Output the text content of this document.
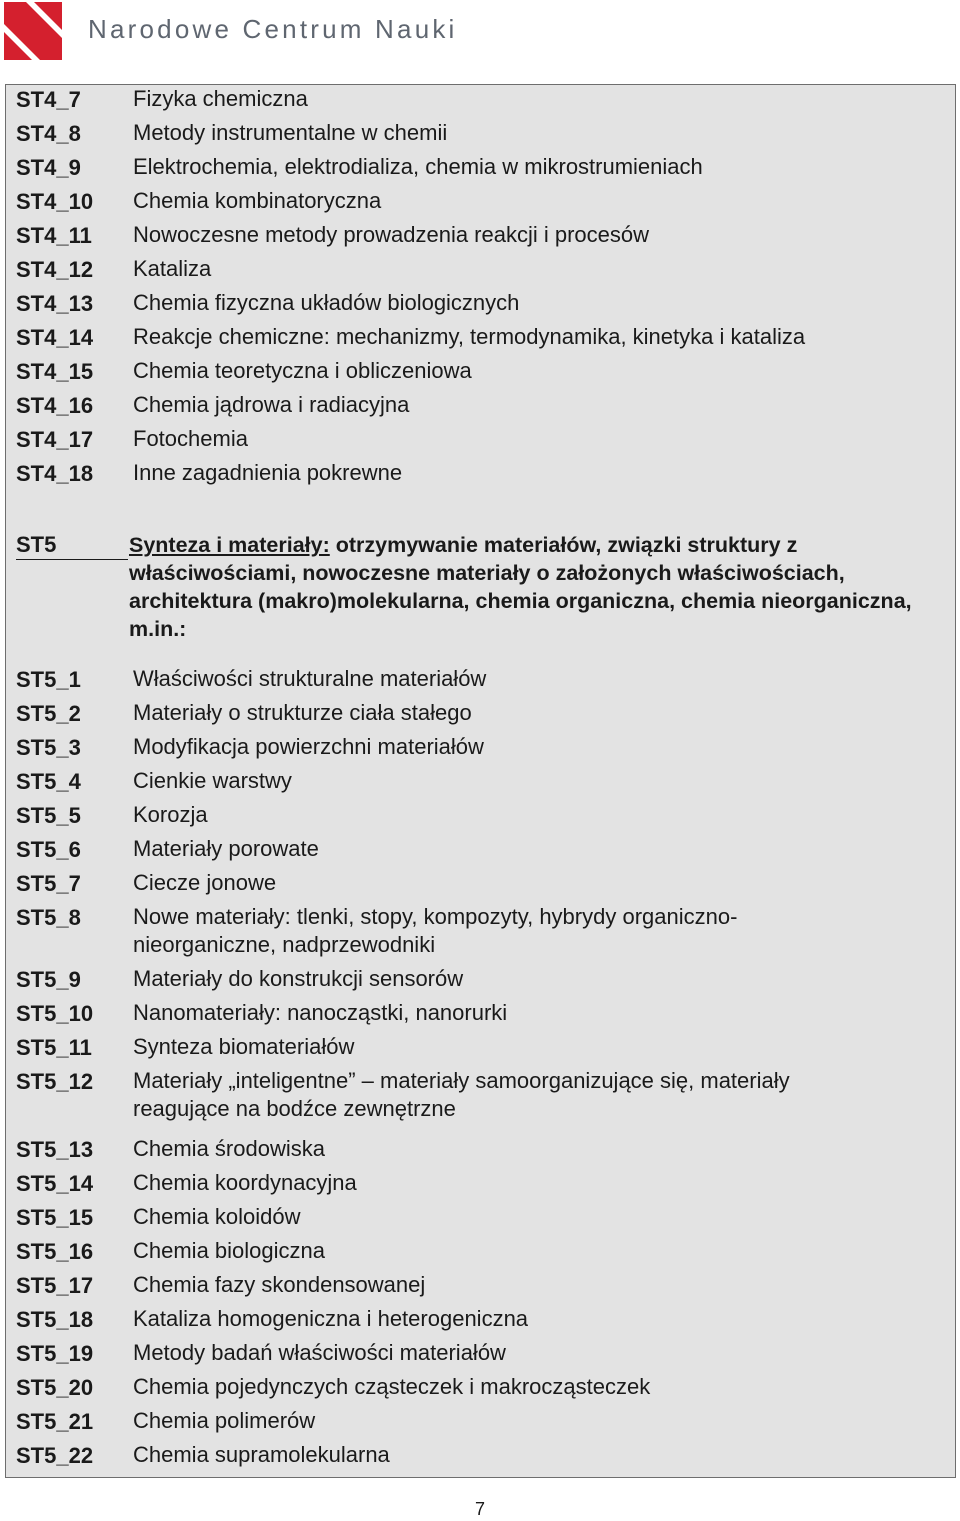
Narodowe Centrum Nauki
ST4_7 Fizyka chemiczna
ST4_8 Metody instrumentalne w chemii
ST4_9 Elektrochemia, elektrodializa, chemia w mikrostrumieniach
ST4_10 Chemia kombinatoryczna
ST4_11 Nowoczesne metody prowadzenia reakcji i procesów
ST4_12 Kataliza
ST4_13 Chemia fizyczna układów biologicznych
ST4_14 Reakcje chemiczne: mechanizmy, termodynamika, kinetyka i kataliza
ST4_15 Chemia teoretyczna i obliczeniowa
ST4_16 Chemia jądrowa i radiacyjna
ST4_17 Fotochemia
ST4_18 Inne zagadnienia pokrewne
ST5	Synteza i materiały: otrzymywanie materiałów, związki struktury z właściwościami, nowoczesne materiały o założonych właściwościach, architektura (makro)molekularna, chemia organiczna, chemia nieorganiczna, m.in.:
ST5_1 Właściwości strukturalne materiałów
ST5_2 Materiały o strukturze ciała stałego
ST5_3 Modyfikacja powierzchni materiałów
ST5_4 Cienkie warstwy
ST5_5 Korozja
ST5_6 Materiały porowate
ST5_7 Ciecze jonowe
ST5_8 Nowe materiały: tlenki, stopy, kompozyty, hybrydy organiczno-nieorganiczne, nadprzewodniki
ST5_9 Materiały do konstrukcji sensorów
ST5_10 Nanomateriały: nanocząstki, nanorurki
ST5_11 Synteza biomateriałów
ST5_12 Materiały „inteligentne” – materiały samoorganizujące się, materiały reagujące na bodźce zewnętrzne
ST5_13 Chemia środowiska
ST5_14 Chemia koordynacyjna
ST5_15 Chemia koloidów
ST5_16 Chemia biologiczna
ST5_17 Chemia fazy skondensowanej
ST5_18 Kataliza homogeniczna i heterogeniczna
ST5_19 Metody badań właściwości materiałów
ST5_20 Chemia pojedynczych cząsteczek i makrocząsteczek
ST5_21 Chemia polimerów
ST5_22 Chemia supramolekularna
7
